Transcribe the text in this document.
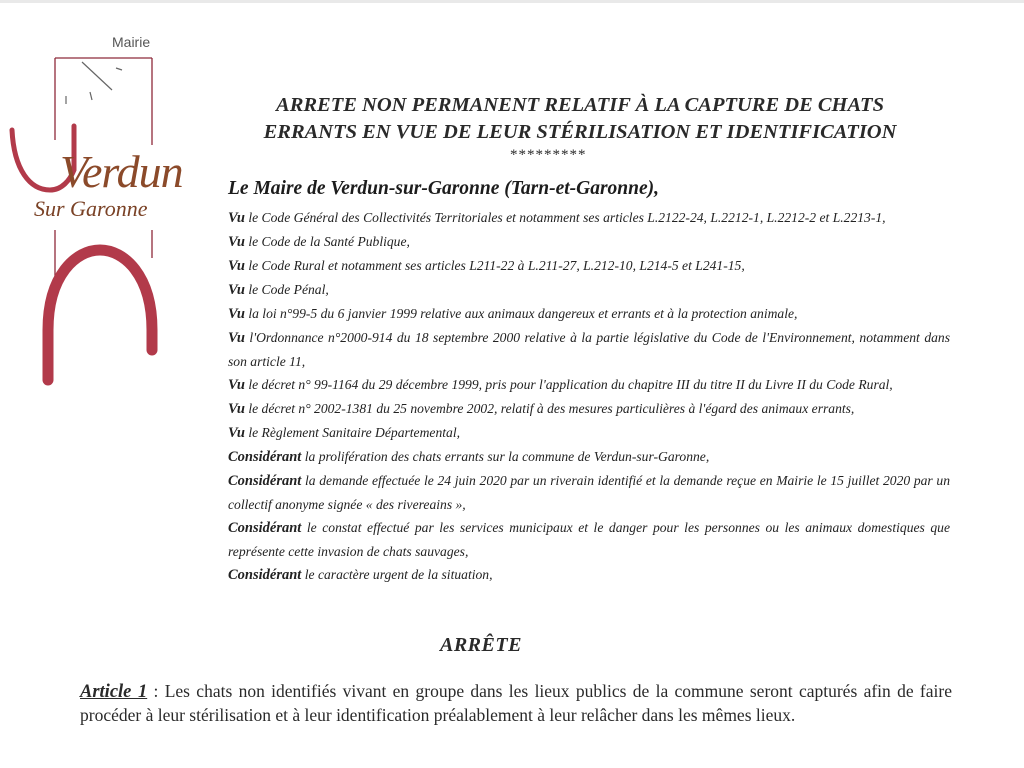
Mairie
Verdun
Sur Garonne
ARRETE NON PERMANENT RELATIF À LA CAPTURE DE CHATS
ERRANTS EN VUE DE LEUR STÉRILISATION ET IDENTIFICATION
*********
Le Maire de Verdun-sur-Garonne (Tarn-et-Garonne),

Vu le Code Général des Collectivités Territoriales et notamment ses articles L.2122-24, L.2212-1, L.2212-2 et L.2213-1,

Vu le Code de la Santé Publique,

Vu le Code Rural et notamment ses articles L211-22 à L.211-27, L.212-10, L214-5 et L241-15,

Vu le Code Pénal,

Vu la loi n°99-5 du 6 janvier 1999 relative aux animaux dangereux et errants et à la protection animale,

Vu l'Ordonnance n°2000-914 du 18 septembre 2000 relative à la partie législative du Code de l'Environnement, notamment dans son article 11,

Vu le décret n° 99-1164 du 29 décembre 1999, pris pour l'application du chapitre III du titre II du Livre II du Code Rural,

Vu le décret n° 2002-1381 du 25 novembre 2002, relatif à des mesures particulières à l'égard des animaux errants,

Vu le Règlement Sanitaire Départemental,

Considérant la prolifération des chats errants sur la commune de Verdun-sur-Garonne,

Considérant la demande effectuée le 24 juin 2020 par un riverain identifié et la demande reçue en Mairie le 15 juillet 2020 par un collectif anonyme signée « des rivereains »,

Considérant le constat effectué par les services municipaux et le danger pour les personnes ou les animaux domestiques que représente cette invasion de chats sauvages,

Considérant le caractère urgent de la situation,

ARRÊTE
Article 1 : Les chats non identifiés vivant en groupe dans les lieux publics de la commune seront capturés afin de faire procéder à leur stérilisation et à leur identification préalablement à leur relâcher dans les mêmes lieux.
